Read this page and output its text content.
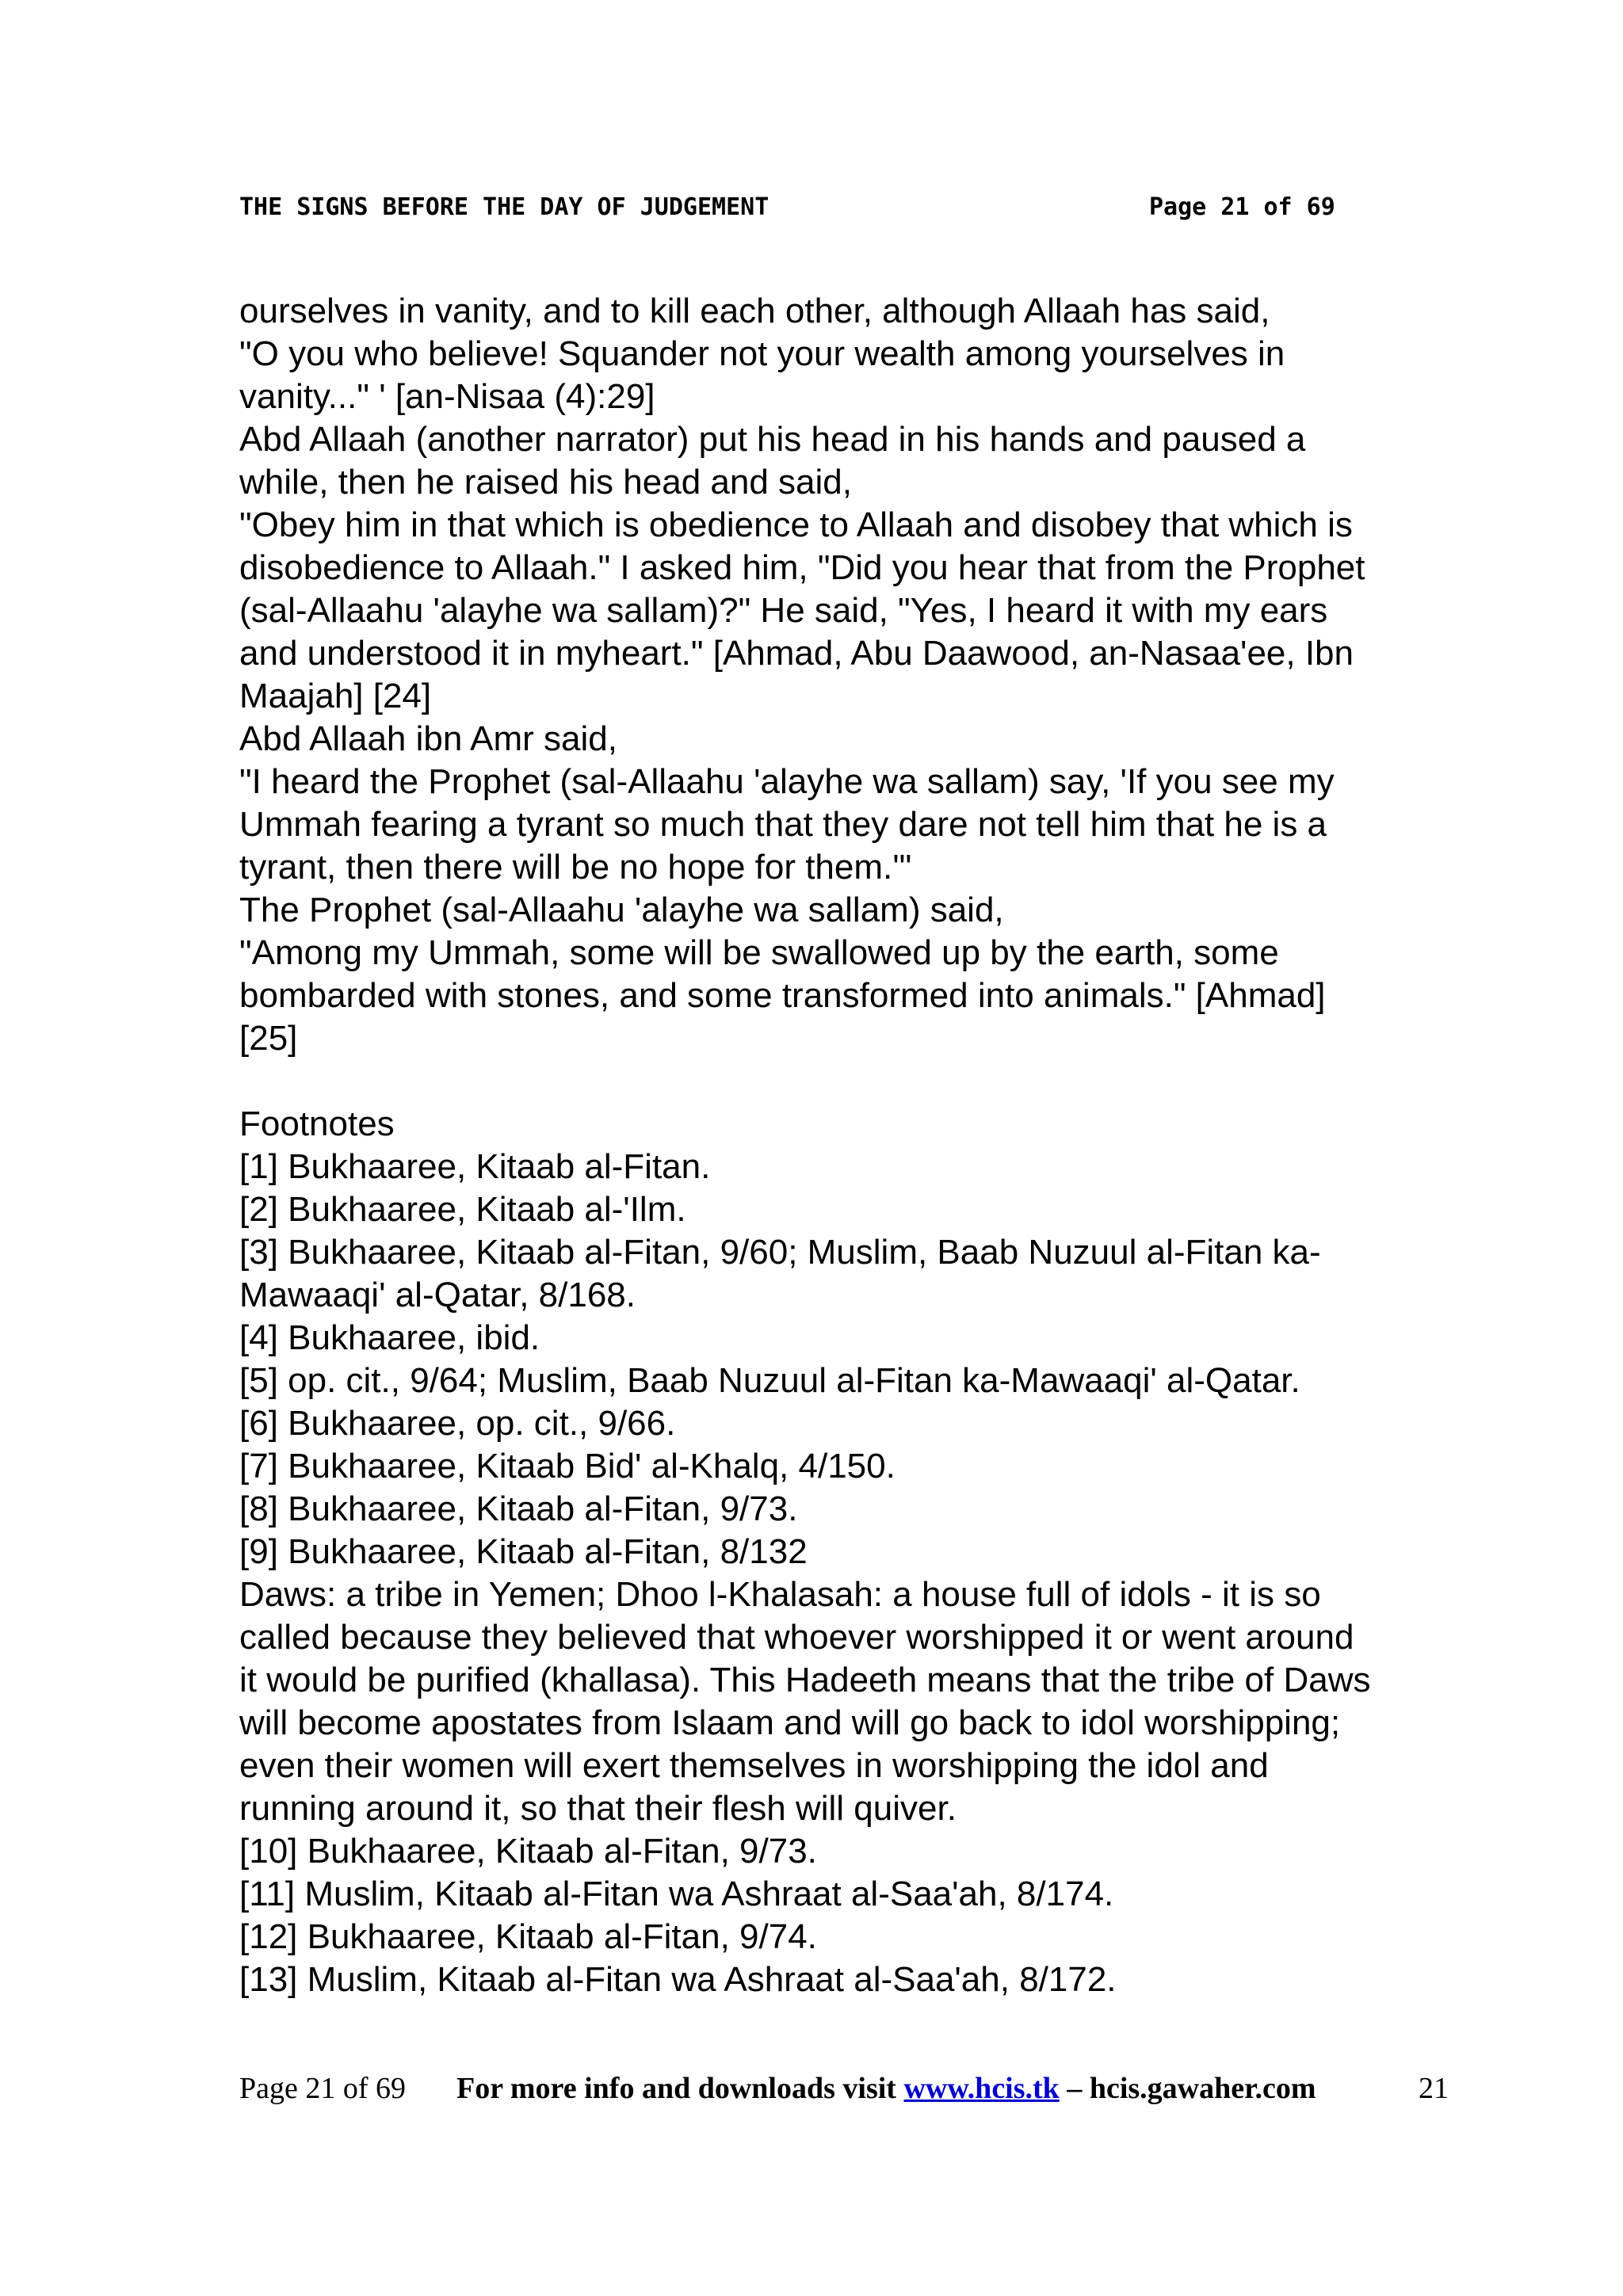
THE SIGNS BEFORE THE DAY OF JUDGEMENT	Page 21 of 69
ourselves in vanity, and to kill each other, although Allaah has said,
"O you who believe! Squander not your wealth among yourselves in
vanity..." ' [an-Nisaa (4):29]
Abd Allaah (another narrator) put his head in his hands and paused a
while, then he raised his head and said,
"Obey him in that which is obedience to Allaah and disobey that which is
disobedience to Allaah." I asked him, "Did you hear that from the Prophet
(sal-Allaahu 'alayhe wa sallam)?" He said, "Yes, I heard it with my ears
and understood it in myheart." [Ahmad, Abu Daawood, an-Nasaa'ee, Ibn
Maajah] [24]
Abd Allaah ibn Amr said,
"I heard the Prophet (sal-Allaahu 'alayhe wa sallam) say, 'If you see my
Ummah fearing a tyrant so much that they dare not tell him that he is a
tyrant, then there will be no hope for them.'"
The Prophet (sal-Allaahu 'alayhe wa sallam) said,
"Among my Ummah, some will be swallowed up by the earth, some
bombarded with stones, and some transformed into animals." [Ahmad]
[25]
Footnotes
[1] Bukhaaree, Kitaab al-Fitan.
[2] Bukhaaree, Kitaab al-'Ilm.
[3] Bukhaaree, Kitaab al-Fitan, 9/60; Muslim, Baab Nuzuul al-Fitan ka-
Mawaaqi' al-Qatar, 8/168.
[4] Bukhaaree, ibid.
[5] op. cit., 9/64; Muslim, Baab Nuzuul al-Fitan ka-Mawaaqi' al-Qatar.
[6] Bukhaaree, op. cit., 9/66.
[7] Bukhaaree, Kitaab Bid' al-Khalq, 4/150.
[8] Bukhaaree, Kitaab al-Fitan, 9/73.
[9] Bukhaaree, Kitaab al-Fitan, 8/132
Daws: a tribe in Yemen; Dhoo l-Khalasah: a house full of idols - it is so
called because they believed that whoever worshipped it or went around
it would be purified (khallasa). This Hadeeth means that the tribe of Daws
will become apostates from Islaam and will go back to idol worshipping;
even their women will exert themselves in worshipping the idol and
running around it, so that their flesh will quiver.
[10] Bukhaaree, Kitaab al-Fitan, 9/73.
[11] Muslim, Kitaab al-Fitan wa Ashraat al-Saa'ah, 8/174.
[12] Bukhaaree, Kitaab al-Fitan, 9/74.
[13] Muslim, Kitaab al-Fitan wa Ashraat al-Saa'ah, 8/172.
Page 21 of 69 For more info and downloads visit www.hcis.tk – hcis.gawaher.com	21
